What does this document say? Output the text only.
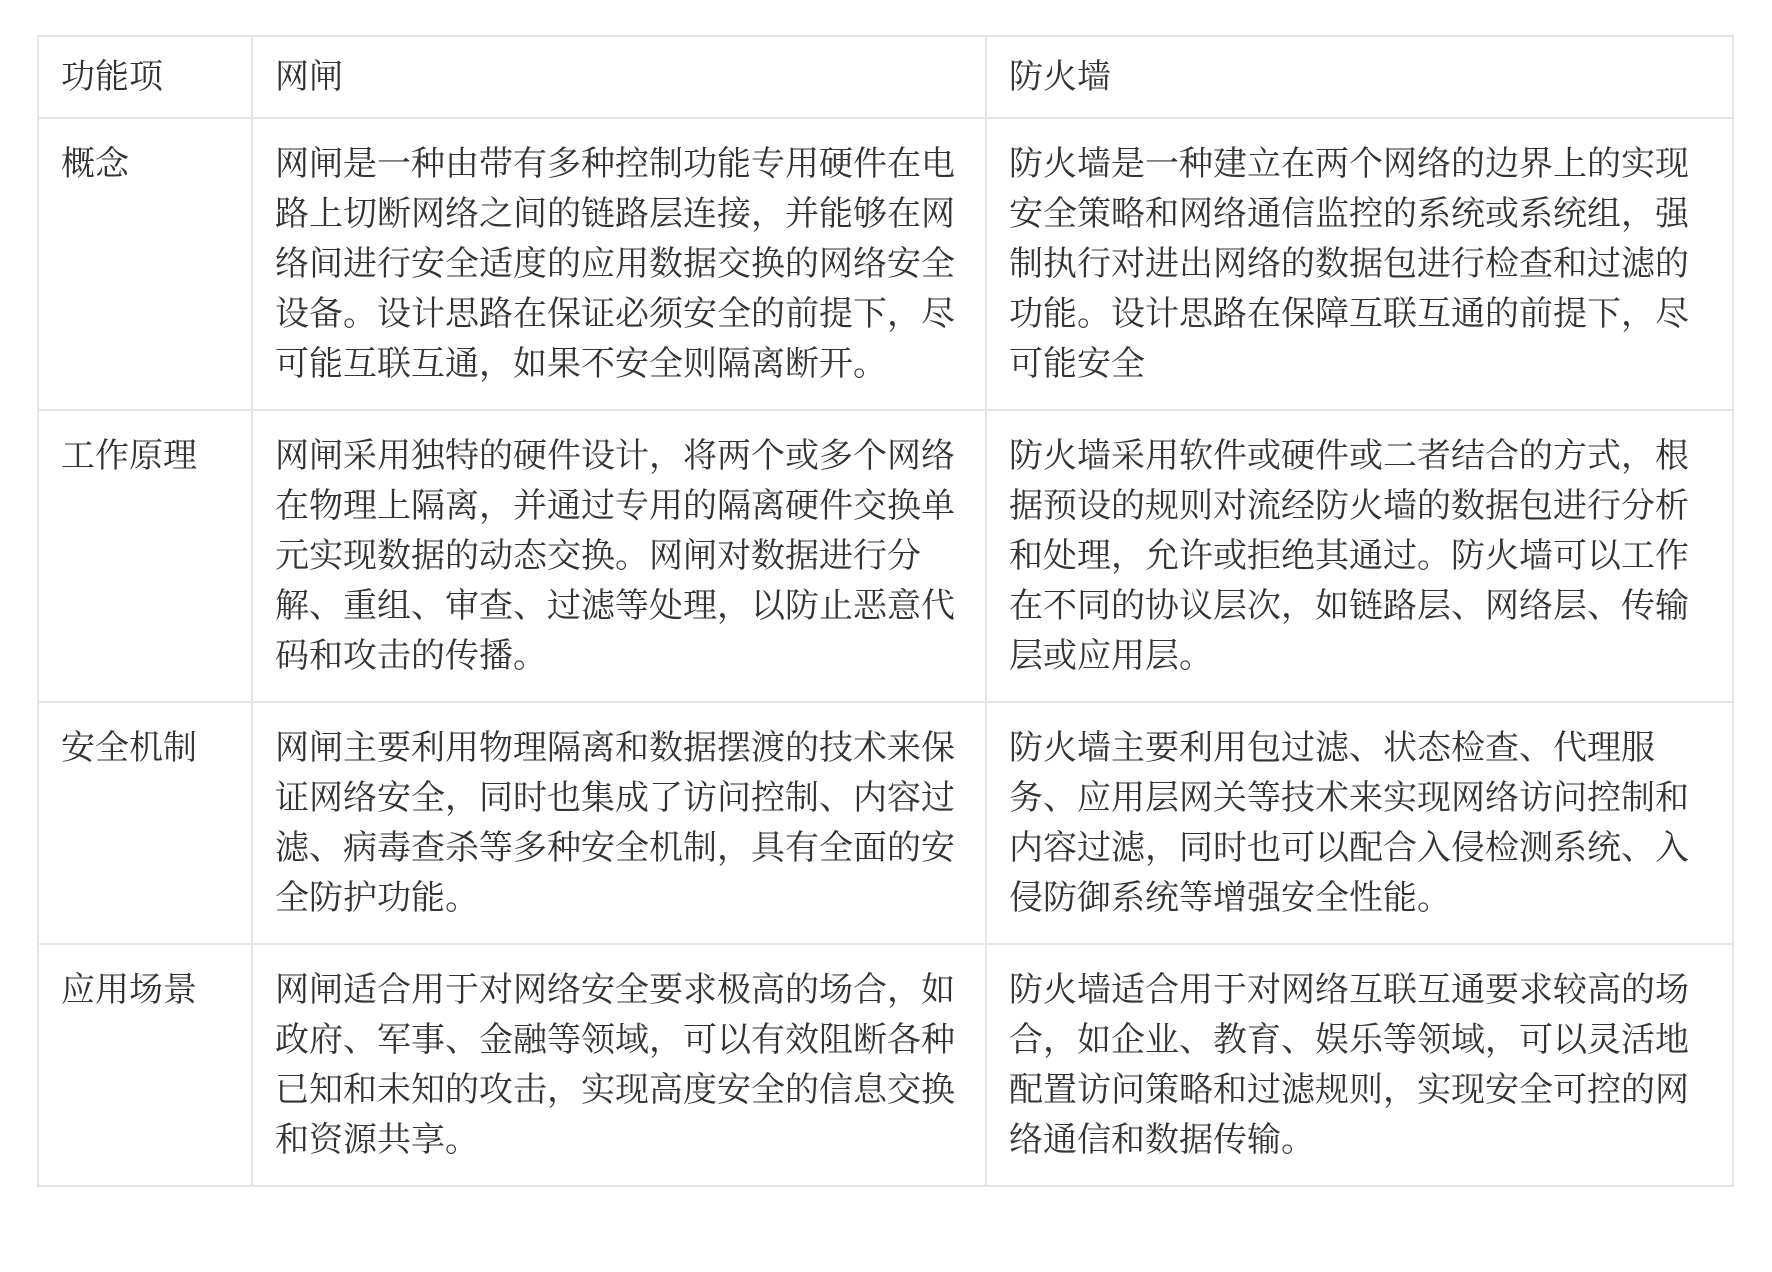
功能项	网闸	防火墙
概念	网闸是一种由带有多种控制功能专用硬件在电路上切断网络之间的链路层连接，并能够在网络间进行安全适度的应用数据交换的网络安全设备。设计思路在保证必须安全的前提下，尽可能互联互通，如果不安全则隔离断开。	防火墙是一种建立在两个网络的边界上的实现安全策略和网络通信监控的系统或系统组，强制执行对进出网络的数据包进行检查和过滤的功能。设计思路在保障互联互通的前提下，尽可能安全
工作原理	网闸采用独特的硬件设计，将两个或多个网络在物理上隔离，并通过专用的隔离硬件交换单元实现数据的动态交换。网闸对数据进行分解、重组、审查、过滤等处理，以防止恶意代码和攻击的传播。	防火墙采用软件或硬件或二者结合的方式，根据预设的规则对流经防火墙的数据包进行分析和处理，允许或拒绝其通过。防火墙可以工作在不同的协议层次，如链路层、网络层、传输层或应用层。
安全机制	网闸主要利用物理隔离和数据摆渡的技术来保证网络安全，同时也集成了访问控制、内容过滤、病毒查杀等多种安全机制，具有全面的安全防护功能。	防火墙主要利用包过滤、状态检查、代理服务、应用层网关等技术来实现网络访问控制和内容过滤，同时也可以配合入侵检测系统、入侵防御系统等增强安全性能。
应用场景	网闸适合用于对网络安全要求极高的场合，如政府、军事、金融等领域，可以有效阻断各种已知和未知的攻击，实现高度安全的信息交换和资源共享。	防火墙适合用于对网络互联互通要求较高的场合，如企业、教育、娱乐等领域，可以灵活地配置访问策略和过滤规则，实现安全可控的网络通信和数据传输。
